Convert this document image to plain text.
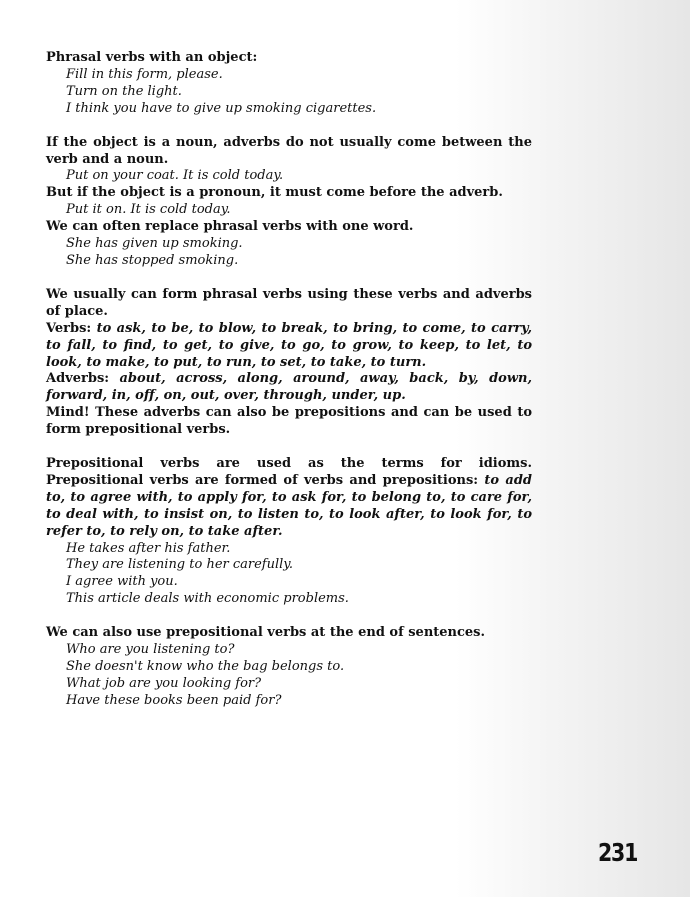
Phrasal verbs with an object:

Fill in this form, please.

Turn on the light.

I think you have to give up smoking cigarettes.

If the object is a noun, adverbs do not usually come between the verb and a noun.

Put on your coat. It is cold today.

But if the object is a pronoun, it must come before the adverb.

Put it on. It is cold today.

We can often replace phrasal verbs with one word.

She has given up smoking.

She has stopped smoking.

We usually can form phrasal verbs using these verbs and adverbs of place.

Verbs: to ask, to be, to blow, to break, to bring, to come, to carry, to fall, to find, to get, to give, to go, to grow, to keep, to let, to look, to make, to put, to run, to set, to take, to turn.

Adverbs: about, across, along, around, away, back, by, down, forward, in, off, on, out, over, through, under, up.

Mind! These adverbs can also be prepositions and can be used to form prepositional verbs.

Prepositional verbs are used as the terms for idioms. Prepositional verbs are formed of verbs and prepositions: to add to, to agree with, to apply for, to ask for, to belong to, to care for, to deal with, to insist on, to listen to, to look after, to look for, to refer to, to rely on, to take after.

He takes after his father.

They are listening to her carefully.

I agree with you.

This article deals with economic problems.

We can also use prepositional verbs at the end of sentences.

Who are you listening to?

She doesn't know who the bag belongs to.

What job are you looking for?

Have these books been paid for?

231
